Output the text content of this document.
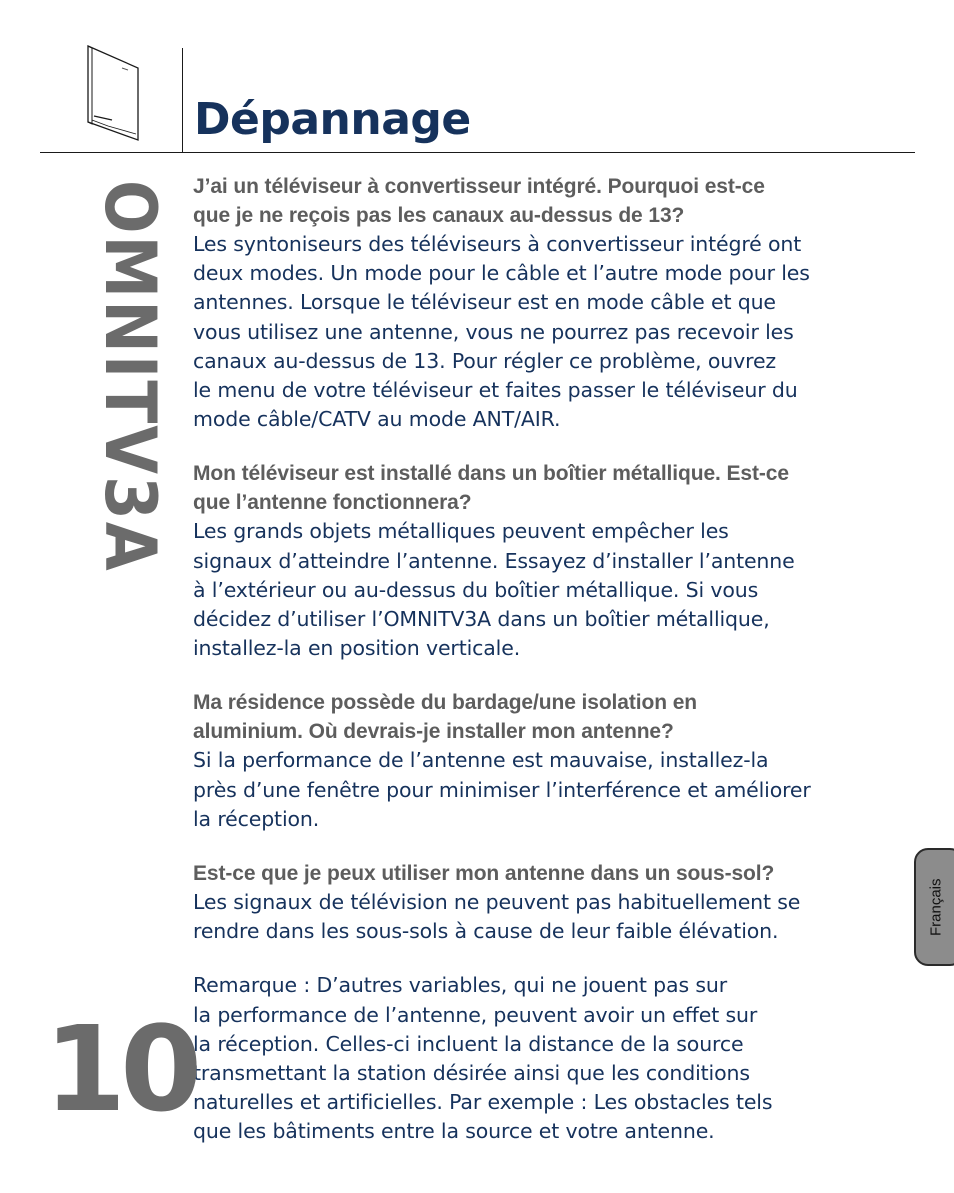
Dépannage
OMNITV3A J’ai un téléviseur à convertisseur intégré. Pourquoi est-ce
que je ne reçois pas les canaux au-dessus de 13?

Les syntoniseurs des téléviseurs à convertisseur intégré ont
deux modes. Un mode pour le câble et l’autre mode pour les
antennes. Lorsque le téléviseur est en mode câble et que
vous utilisez une antenne, vous ne pourrez pas recevoir les
canaux au-dessus de 13. Pour régler ce problème, ouvrez
le menu de votre téléviseur et faites passer le téléviseur du
mode câble/CATV au mode ANT/AIR.

Mon téléviseur est installé dans un boîtier métallique. Est-ce
que l’antenne fonctionnera?

Les grands objets métalliques peuvent empêcher les
signaux d’atteindre l’antenne. Essayez d’installer l’antenne
à l’extérieur ou au-dessus du boîtier métallique. Si vous
décidez d’utiliser l’OMNITV3A dans un boîtier métallique,
installez-la en position verticale.

Ma résidence possède du bardage/une isolation en
aluminium. Où devrais-je installer mon antenne?

Si la performance de l’antenne est mauvaise, installez-la
près d’une fenêtre pour minimiser l’interférence et améliorer
la réception.

Est-ce que je peux utiliser mon antenne dans un sous-sol?

Les signaux de télévision ne peuvent pas habituellement se
rendre dans les sous-sols à cause de leur faible élévation.

Remarque : D’autres variables, qui ne jouent pas sur
la performance de l’antenne, peuvent avoir un effet sur
la réception. Celles-ci incluent la distance de la source
transmettant la station désirée ainsi que les conditions
naturelles et artificielles. Par exemple : Les obstacles tels
que les bâtiments entre la source et votre antenne.

10
Français
